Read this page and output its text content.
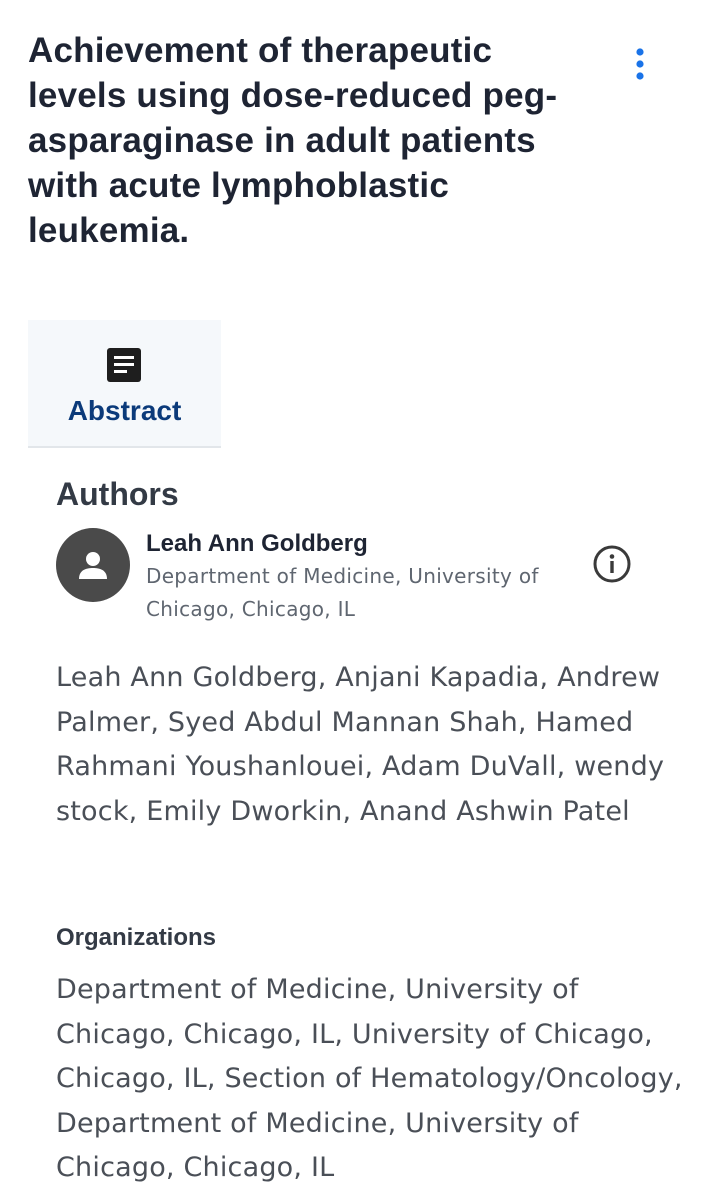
Achievement of therapeutic levels using dose-reduced peg-asparaginase in adult patients with acute lymphoblastic leukemia.
Abstract
Authors
Leah Ann Goldberg
Department of Medicine, University of Chicago, Chicago, IL
Leah Ann Goldberg, Anjani Kapadia, Andrew Palmer, Syed Abdul Mannan Shah, Hamed Rahmani Youshanlouei, Adam DuVall, wendy stock, Emily Dworkin, Anand Ashwin Patel
Organizations
Department of Medicine, University of Chicago, Chicago, IL, University of Chicago, Chicago, IL, Section of Hematology/Oncology, Department of Medicine, University of Chicago, Chicago, IL
